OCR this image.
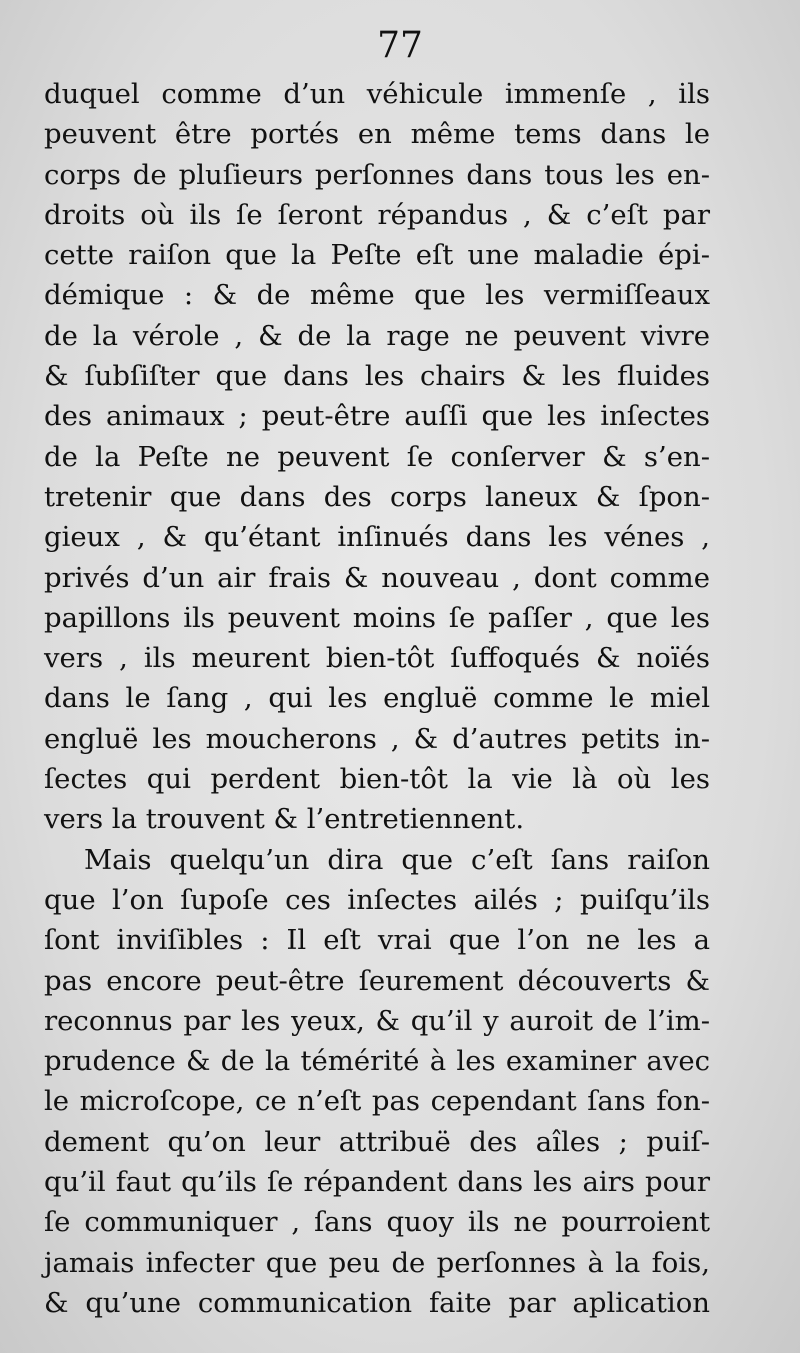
77
duquel comme d’un véhicule immenſe , ils
peuvent être portés en même tems dans le
corps de pluſieurs perſonnes dans tous les en-
droits où ils ſe ſeront répandus , & c’eſt par
cette raiſon que la Peſte eſt une maladie épi-
démique : & de même que les vermiſſeaux
de la vérole , & de la rage ne peuvent vivre
& ſubſiſter que dans les chairs & les fluides
des animaux ; peut-être auſſi que les inſectes
de la Peſte ne peuvent ſe conſerver & s’en-
tretenir que dans des corps laneux & ſpon-
gieux , & qu’étant inſinués dans les vénes ,
privés d’un air frais & nouveau , dont comme
papillons ils peuvent moins ſe paſſer , que les
vers , ils meurent bien-tôt ſuffoqués & noïés
dans le ſang , qui les engluë comme le miel
engluë les moucherons , & d’autres petits in-
ſectes qui perdent bien-tôt la vie là où les
vers la trouvent & l’entretiennent.
Mais quelqu’un dira que c’eſt ſans raiſon
que l’on ſupoſe ces inſectes ailés ; puiſqu’ils
ſont inviſibles : Il eſt vrai que l’on ne les a
pas encore peut-être ſeurement découverts &
reconnus par les yeux, & qu’il y auroit de l’im-
prudence & de la témérité à les examiner avec
le microſcope, ce n’eſt pas cependant ſans fon-
dement qu’on leur attribuë des aîles ; puiſ-
qu’il faut qu’ils ſe répandent dans les airs pour
ſe communiquer , ſans quoy ils ne pourroient
jamais infecter que peu de perſonnes à la fois,
& qu’une communication faite par aplication
